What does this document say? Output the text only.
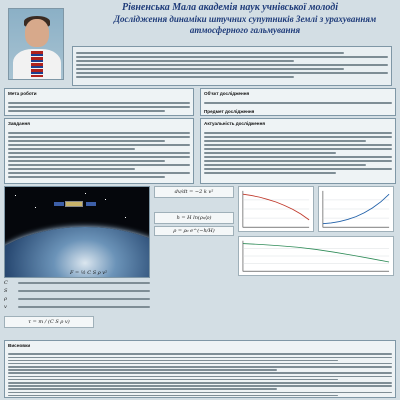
Рівненська Мала академія наук учнівської молоді
Дослідження динаміки штучних супутників Землі з урахуванням атмосферного гальмування
Мета роботи	Об'єкт дослідження
Предмет дослідження
Завдання	Актуальність дослідження
dv/dt = −2 k v²
h = H ln(ρ₀/ρ)
ρ = ρ₀ e^(−h/H)
F = ½ C S ρ v²
C
S
ρ
v
τ = m / (C S ρ v)
Висновки
